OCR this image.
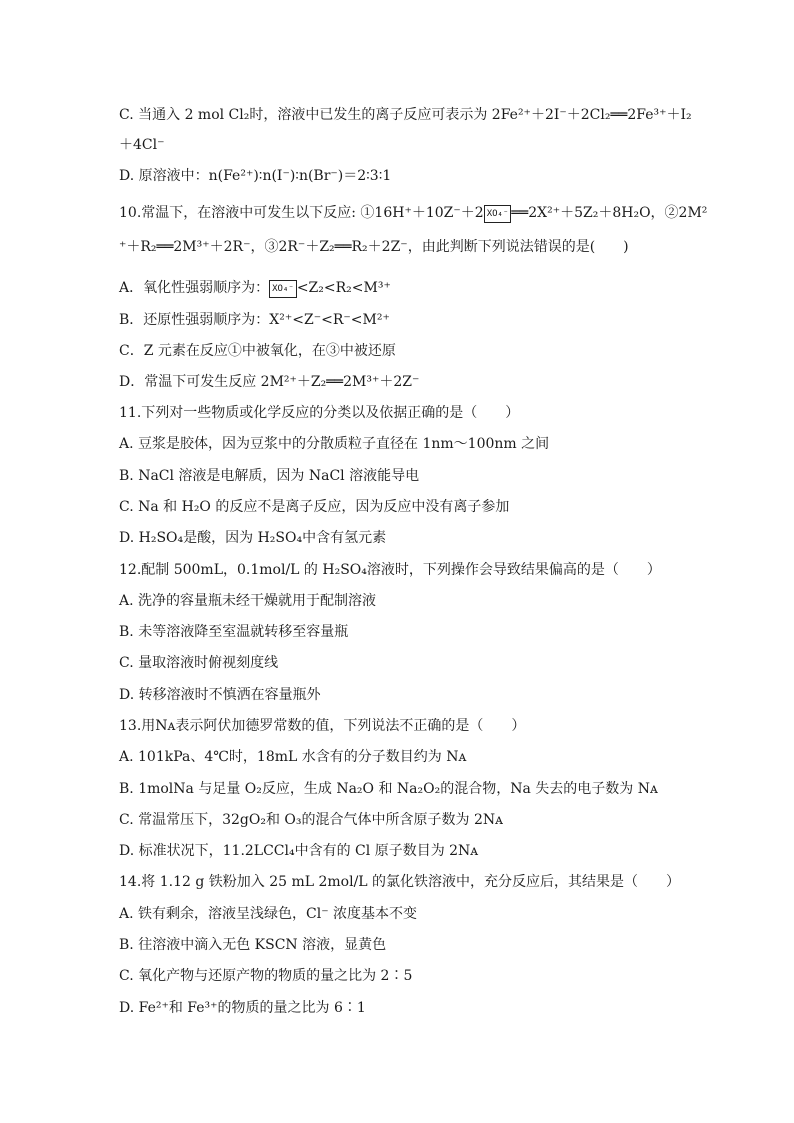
C. 当通入 2 mol Cl₂时，溶液中已发生的离子反应可表示为 2Fe²⁺＋2I⁻＋2Cl₂══2Fe³⁺＋I₂
＋4Cl⁻
D. 原溶液中：n(Fe²⁺)∶n(I⁻)∶n(Br⁻)＝2∶3∶1
10.常温下，在溶液中可发生以下反应: ①16H⁺＋10Z⁻＋2 XO₄⁻ ══2X²⁺＋5Z₂＋8H₂O，②2M²
⁺＋R₂══2M³⁺＋2R⁻，③2R⁻＋Z₂══R₂＋2Z⁻，由此判断下列说法错误的是(　　)
A．氧化性强弱顺序为： XO₄⁻ <Z₂<R₂<M³⁺
B．还原性强弱顺序为：X²⁺<Z⁻<R⁻<M²⁺
C．Z 元素在反应①中被氧化，在③中被还原
D．常温下可发生反应 2M²⁺＋Z₂══2M³⁺＋2Z⁻
11.下列对一些物质或化学反应的分类以及依据正确的是（　　）
A. 豆浆是胶体，因为豆浆中的分散质粒子直径在 1nm～100nm 之间
B. NaCl 溶液是电解质，因为 NaCl 溶液能导电
C. Na 和 H₂O 的反应不是离子反应，因为反应中没有离子参加
D. H₂SO₄是酸，因为 H₂SO₄中含有氢元素
12.配制 500mL，0.1mol/L 的 H₂SO₄溶液时，下列操作会导致结果偏高的是（　　）
A. 洗净的容量瓶未经干燥就用于配制溶液
B. 未等溶液降至室温就转移至容量瓶
C. 量取溶液时俯视刻度线
D. 转移溶液时不慎洒在容量瓶外
13.用Nᴀ表示阿伏加德罗常数的值，下列说法不正确的是（　　）
A. 101kPa、4℃时，18mL 水含有的分子数目约为 Nᴀ
B. 1molNa 与足量 O₂反应，生成 Na₂O 和 Na₂O₂的混合物，Na 失去的电子数为 Nᴀ
C. 常温常压下，32gO₂和 O₃的混合气体中所含原子数为 2Nᴀ
D. 标准状况下，11.2LCCl₄中含有的 Cl 原子数目为 2Nᴀ
14.将 1.12 g 铁粉加入 25 mL 2mol/L 的氯化铁溶液中，充分反应后，其结果是（　　）
A. 铁有剩余，溶液呈浅绿色，Cl⁻ 浓度基本不变
B. 往溶液中滴入无色 KSCN 溶液，显黄色
C. 氧化产物与还原产物的物质的量之比为 2∶5
D. Fe²⁺和 Fe³⁺的物质的量之比为 6∶1
